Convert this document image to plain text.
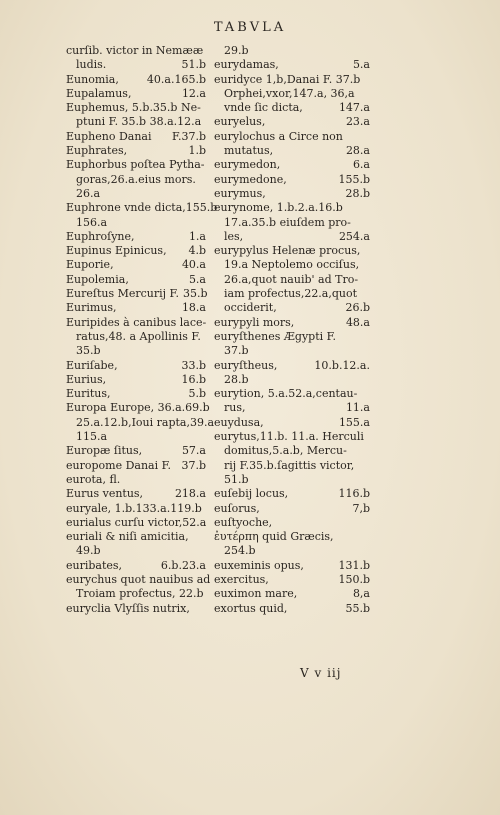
TABVLA
curſib. victor in Nemææ
ludis.	51.b
Eunomia,	40.a.165.b
Eupalamus,	12.a
Euphemus, 5.b.35.b Ne-
ptuni F. 35.b 38.a.12.a
Eupheno Danai	F.37.b
Euphrates,	1.b
Euphorbus poſtea Pytha-
goras,26.a.eius mors.
26.a
Euphrone vnde dicta,155.b
156.a
Euphroſyne,	1.a
Eupinus Epinicus,	4.b
Euporie,	40.a
Eupolemia,	5.a
Eureſtus Mercurij F. 35.b
Eurimus,	18.a
Euripides à canibus lace-
ratus,48. a Apollinis F.
35.b
Euriſabe,	33.b
Eurius,	16.b
Euritus,	5.b
Europa Europe, 36.a.69.b
25.a.12.b,Ioui rapta,39.a
115.a
Europæ ſitus,	57.a
europome Danai F. 37.b
eurota, fl.
Eurus ventus,	218.a
euryale, 1.b.133.a.119.b
eurialus curſu victor,52.a
euriali & niſi amicitia,
49.b
euribates,	6.b.23.a
eurychus quot nauibus ad
Troiam profectus, 22.b
euryclia Vlyſſis nutrix,
29.b
eurydamas,	5.a
euridyce 1,b,Danai F. 37.b
Orphei,vxor,147.a, 36,a
vnde ſic dicta,	147.a
euryelus,	23.a
eurylochus a Circe non
mutatus,	28.a
eurymedon,	6.a
eurymedone,	155.b
eurymus,	28.b
eurynome, 1.b.2.a.16.b
17.a.35.b eiuſdem pro-
les,	254.a
eurypylus Helenæ procus,
19.a Neptolemo occiſus,
26.a,quot nauib' ad Tro-
iam profectus,22.a,quot
occiderit,	26.b
eurypyli mors,	48.a
euryſthenes Ægypti F.
37.b
euryſtheus,	10.b.12.a.
28.b
eurytion, 5.a.52.a,centau-
rus,	11.a
euydusa,	155.a
eurytus,11.b. 11.a. Herculi
domitus,5.a.b, Mercu-
rij F.35.b.ſagittis victor,
51.b
euſebij locus,	116.b
euſorus,	7,b
euſtyoche,
ἐυτέρπη quid Græcis,
254.b
euxeminis opus,	131.b
exercitus,	150.b
euximon mare,	8,a
exortus quid,	55.b
V v iij
